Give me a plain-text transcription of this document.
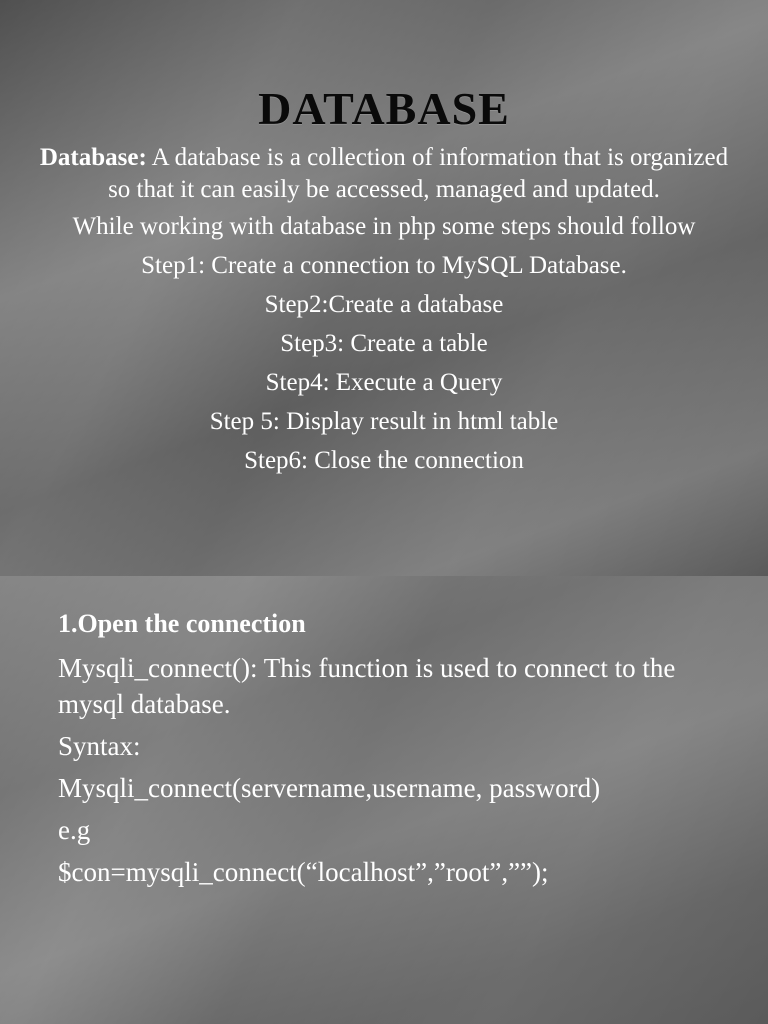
DATABASE

Database: A database is a collection of information that is organized so that it can easily be accessed, managed and updated.

While working with database in php some steps should follow

Step1: Create a connection to MySQL Database.

Step2:Create a database

Step3: Create a table

Step4: Execute a Query

Step 5: Display result in html table

Step6: Close the connection

1.Open the connection

Mysqli_connect(): This function is used to connect to the mysql database.

Syntax:

Mysqli_connect(servername,username, password)

e.g

$con=mysqli_connect(“localhost”,”root”,””);
